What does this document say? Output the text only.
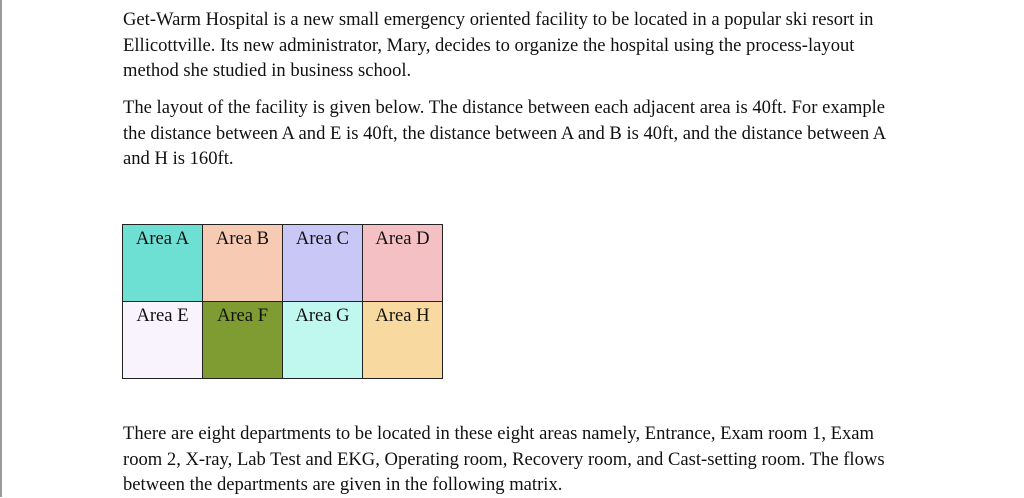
Get-Warm Hospital is a new small emergency oriented facility to be located in a popular ski resort in Ellicottville. Its new administrator, Mary, decides to organize the hospital using the process-layout method she studied in business school.

The layout of the facility is given below. The distance between each adjacent area is 40ft. For example the distance between A and E is 40ft, the distance between A and B is 40ft, and the distance between A and H is 160ft.

Area A	Area B	Area C	Area D
Area E	Area F	Area G	Area H

There are eight departments to be located in these eight areas namely, Entrance, Exam room 1, Exam room 2, X-ray, Lab Test and EKG, Operating room, Recovery room, and Cast-setting room. The flows between the departments are given in the following matrix.
